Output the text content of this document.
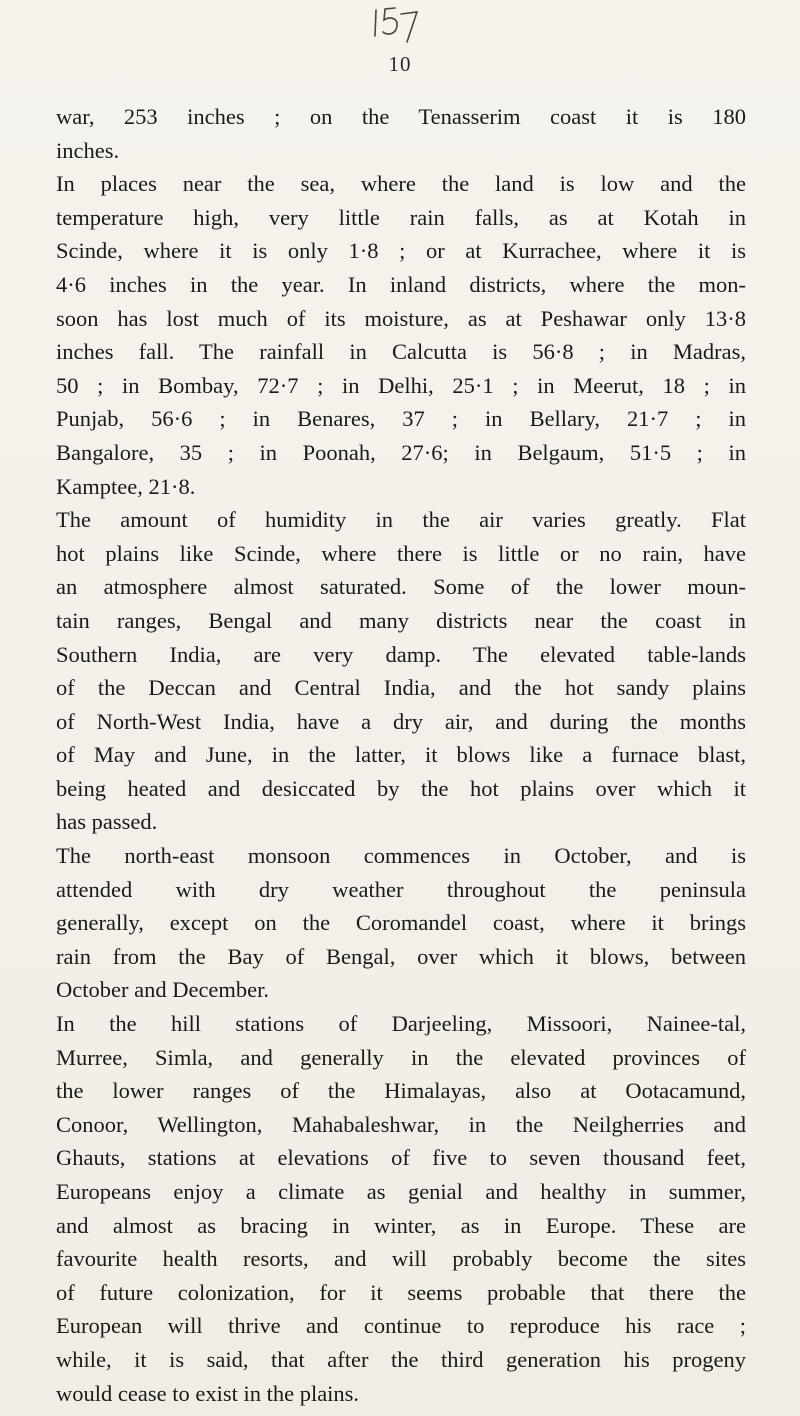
10
war, 253 inches ; on the Tenasserim coast it is 180
inches.
In places near the sea, where the land is low and the
temperature high, very little rain falls, as at Kotah in
Scinde, where it is only 1·8 ; or at Kurrachee, where it is
4·6 inches in the year. In inland districts, where the mon-
soon has lost much of its moisture, as at Peshawar only 13·8
inches fall. The rainfall in Calcutta is 56·8 ; in Madras,
50 ; in Bombay, 72·7 ; in Delhi, 25·1 ; in Meerut, 18 ; in
Punjab, 56·6 ; in Benares, 37 ; in Bellary, 21·7 ; in
Bangalore, 35 ; in Poonah, 27·6; in Belgaum, 51·5 ; in
Kamptee, 21·8.
The amount of humidity in the air varies greatly. Flat
hot plains like Scinde, where there is little or no rain, have
an atmosphere almost saturated. Some of the lower moun-
tain ranges, Bengal and many districts near the coast in
Southern India, are very damp. The elevated table-lands
of the Deccan and Central India, and the hot sandy plains
of North-West India, have a dry air, and during the months
of May and June, in the latter, it blows like a furnace blast,
being heated and desiccated by the hot plains over which it
has passed.
The north-east monsoon commences in October, and is
attended with dry weather throughout the peninsula
generally, except on the Coromandel coast, where it brings
rain from the Bay of Bengal, over which it blows, between
October and December.
In the hill stations of Darjeeling, Missoori, Nainee-tal,
Murree, Simla, and generally in the elevated provinces of
the lower ranges of the Himalayas, also at Ootacamund,
Conoor, Wellington, Mahabaleshwar, in the Neilgherries and
Ghauts, stations at elevations of five to seven thousand feet,
Europeans enjoy a climate as genial and healthy in summer,
and almost as bracing in winter, as in Europe. These are
favourite health resorts, and will probably become the sites
of future colonization, for it seems probable that there the
European will thrive and continue to reproduce his race ;
while, it is said, that after the third generation his progeny
would cease to exist in the plains.
